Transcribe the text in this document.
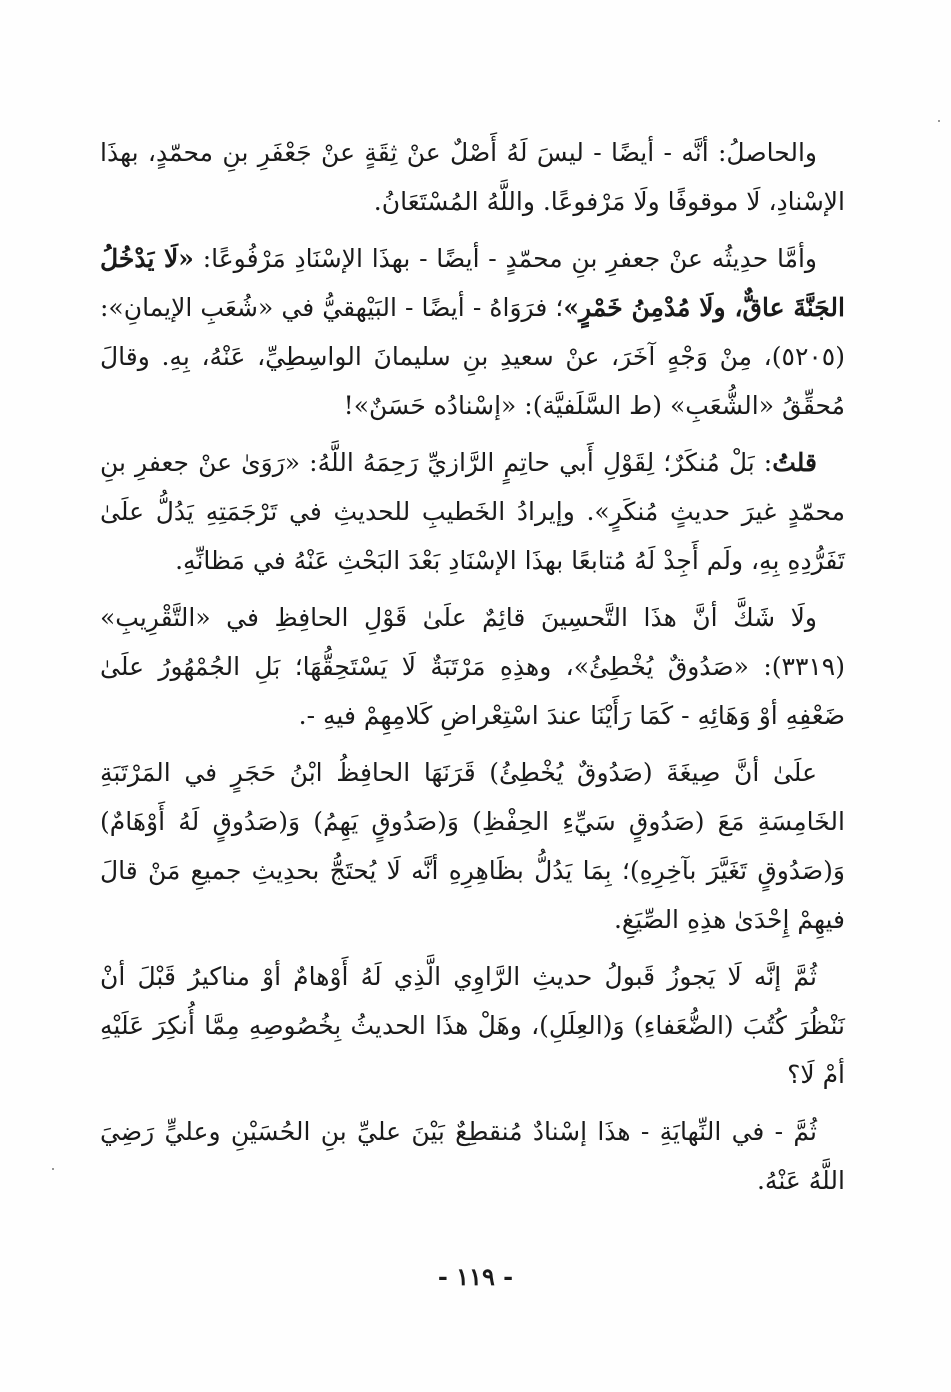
والحاصلُ: أنَّه - أيضًا - ليسَ لَهُ أَصْلٌ عنْ ثِقَةٍ عنْ جَعْفَرِ بنِ محمّدٍ، بهذَا الإسْنادِ، لَا موقوفًا ولَا مَرْفوعًا. واللَّهُ المُسْتَعَانُ.

وأمَّا حدِيثُه عنْ جعفرِ بنِ محمّدٍ - أيضًا - بهذَا الإسْنَادِ مَرْفُوعًا: «لَا يَدْخُلُ الجَنَّةَ عاقٌّ، ولَا مُدْمِنُ خَمْرٍ»؛ فرَوَاهُ - أيضًا - البَيْهقيُّ في «شُعَبِ الإيمانِ»: (٥٢٠٥)، مِنْ وَجْهٍ آخَرَ، عنْ سعيدِ بنِ سليمانَ الواسِطِيِّ، عَنْهُ، بِهِ. وقالَ مُحقِّقُ «الشُّعَبِ» (ط السَّلَفيَّة): «إسْنادُه حَسَنٌ»!

قلتُ: بَلْ مُنكَرٌ؛ لِقَوْلِ أَبي حاتِمٍ الرَّازيِّ رَحِمَهُ اللَّهُ: «رَوَىٰ عنْ جعفرِ بنِ محمّدٍ غيرَ حديثٍ مُنكَرٍ». وإيرادُ الخَطيبِ للحديثِ في تَرْجَمَتِهِ يَدُلُّ علَىٰ تَفَرُّدِهِ بِهِ، ولَم أَجِدْ لَهُ مُتابعًا بهذَا الإسْنَادِ بَعْدَ البَحْثِ عَنْهُ في مَظانِّهِ.

ولَا شَكَّ أنَّ هذَا التَّحسِينَ قائِمٌ علَىٰ قَوْلِ الحافِظِ في «التَّقْرِيبِ» (٣٣١٩): «صَدُوقٌ يُخْطِئُ»، وهذِهِ مَرْتَبَةٌ لَا يَسْتَحِقُّهَا؛ بَلِ الجُمْهُورُ علَىٰ ضَعْفِهِ أوْ وَهَائِهِ - كَمَا رَأَيْنَا عندَ اسْتِعْراضِ كَلامِهِمْ فيهِ -.

علَىٰ أنَّ صِيغَةَ (صَدُوقٌ يُخْطِئُ) قَرَنَهَا الحافِظُ ابْنُ حَجَرٍ في المَرْتَبَةِ الخَامِسَةِ مَعَ (صَدُوقٍ سَيِّءِ الحِفْظِ) وَ(صَدُوقٍ يَهِمُ) وَ(صَدُوقٍ لَهُ أَوْهَامٌ) وَ(صَدُوقٍ تَغَيَّرَ بآخِرِهِ)؛ بِمَا يَدُلُّ بظَاهِرِهِ أنَّه لَا يُحتَجُّ بحدِيثِ جميعِ مَنْ قالَ فيهِمْ إِحْدَىٰ هذِهِ الصِّيَغِ.

ثُمَّ إنَّه لَا يَجوزُ قَبولُ حديثِ الرَّاوِي الَّذِي لَهُ أَوْهامٌ أوْ مناكيرُ قَبْلَ أنْ نَنْظُرَ كُتُبَ (الضُّعَفاءِ) وَ(العِلَلِ)، وهَلْ هذَا الحديثُ بِخُصُوصِهِ مِمَّا أُنكِرَ عَلَيْهِ أمْ لَا؟

ثُمَّ - في النِّهايَةِ - هذَا إسْنادٌ مُنقطِعٌ بَيْنَ عليِّ بنِ الحُسَيْنِ وعليٍّ رَضِيَ اللَّهُ عَنْهُ.

- ١١٩ -
